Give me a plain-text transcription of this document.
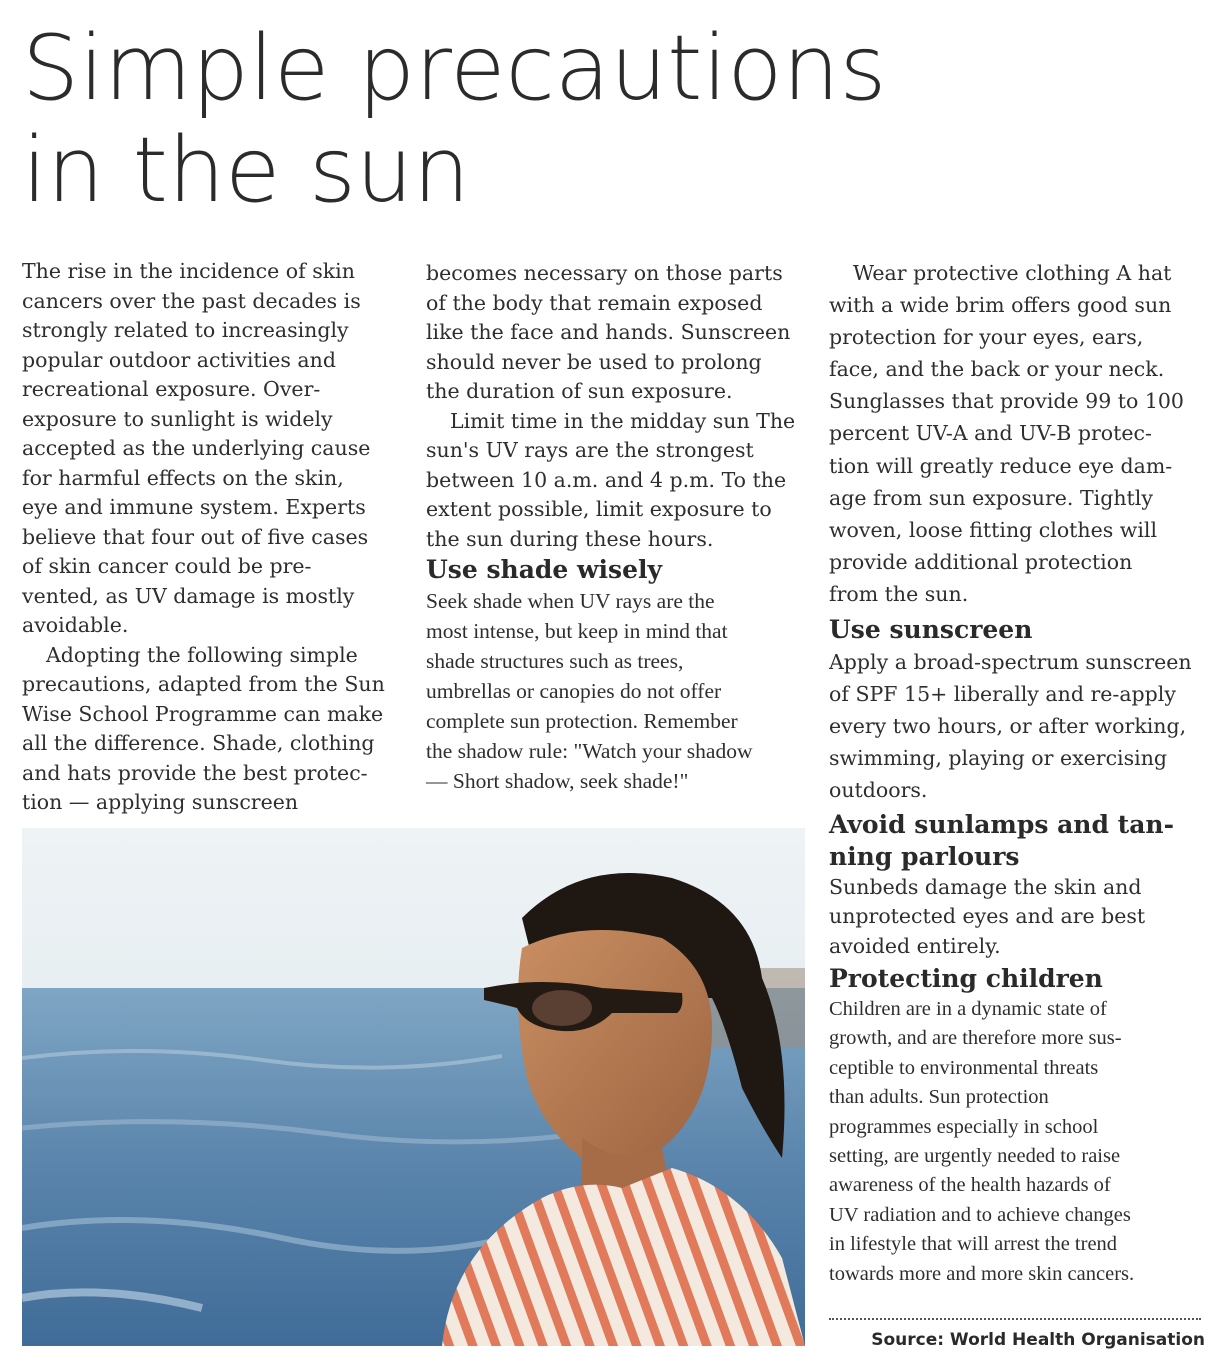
Simple precautions
in the sun
The rise in the incidence of skin
cancers over the past decades is
strongly related to increasingly
popular outdoor activities and
recreational exposure. Over-
exposure to sunlight is widely
accepted as the underlying cause
for harmful effects on the skin,
eye and immune system. Experts
believe that four out of five cases
of skin cancer could be pre-
vented, as UV damage is mostly
avoidable.
Adopting the following simple
precautions, adapted from the Sun
Wise School Programme can make
all the difference. Shade, clothing
and hats provide the best protec-
tion — applying sunscreen
becomes necessary on those parts
of the body that remain exposed
like the face and hands. Sunscreen
should never be used to prolong
the duration of sun exposure.
Limit time in the midday sun The
sun's UV rays are the strongest
between 10 a.m. and 4 p.m. To the
extent possible, limit exposure to
the sun during these hours.
Use shade wisely
Seek shade when UV rays are the
most intense, but keep in mind that
shade structures such as trees,
umbrellas or canopies do not offer
complete sun protection. Remember
the shadow rule: "Watch your shadow
— Short shadow, seek shade!"
Wear protective clothing A hat
with a wide brim offers good sun
protection for your eyes, ears,
face, and the back or your neck.
Sunglasses that provide 99 to 100
percent UV-A and UV-B protec-
tion will greatly reduce eye dam-
age from sun exposure. Tightly
woven, loose fitting clothes will
provide additional protection
from the sun.
Use sunscreen
Apply a broad-spectrum sunscreen
of SPF 15+ liberally and re-apply
every two hours, or after working,
swimming, playing or exercising
outdoors.
Avoid sunlamps and tan-
ning parlours
Sunbeds damage the skin and
unprotected eyes and are best
avoided entirely.
Protecting children
Children are in a dynamic state of
growth, and are therefore more sus-
ceptible to environmental threats
than adults. Sun protection
programmes especially in school
setting, are urgently needed to raise
awareness of the health hazards of
UV radiation and to achieve changes
in lifestyle that will arrest the trend
towards more and more skin cancers.
Source: World Health Organisation
